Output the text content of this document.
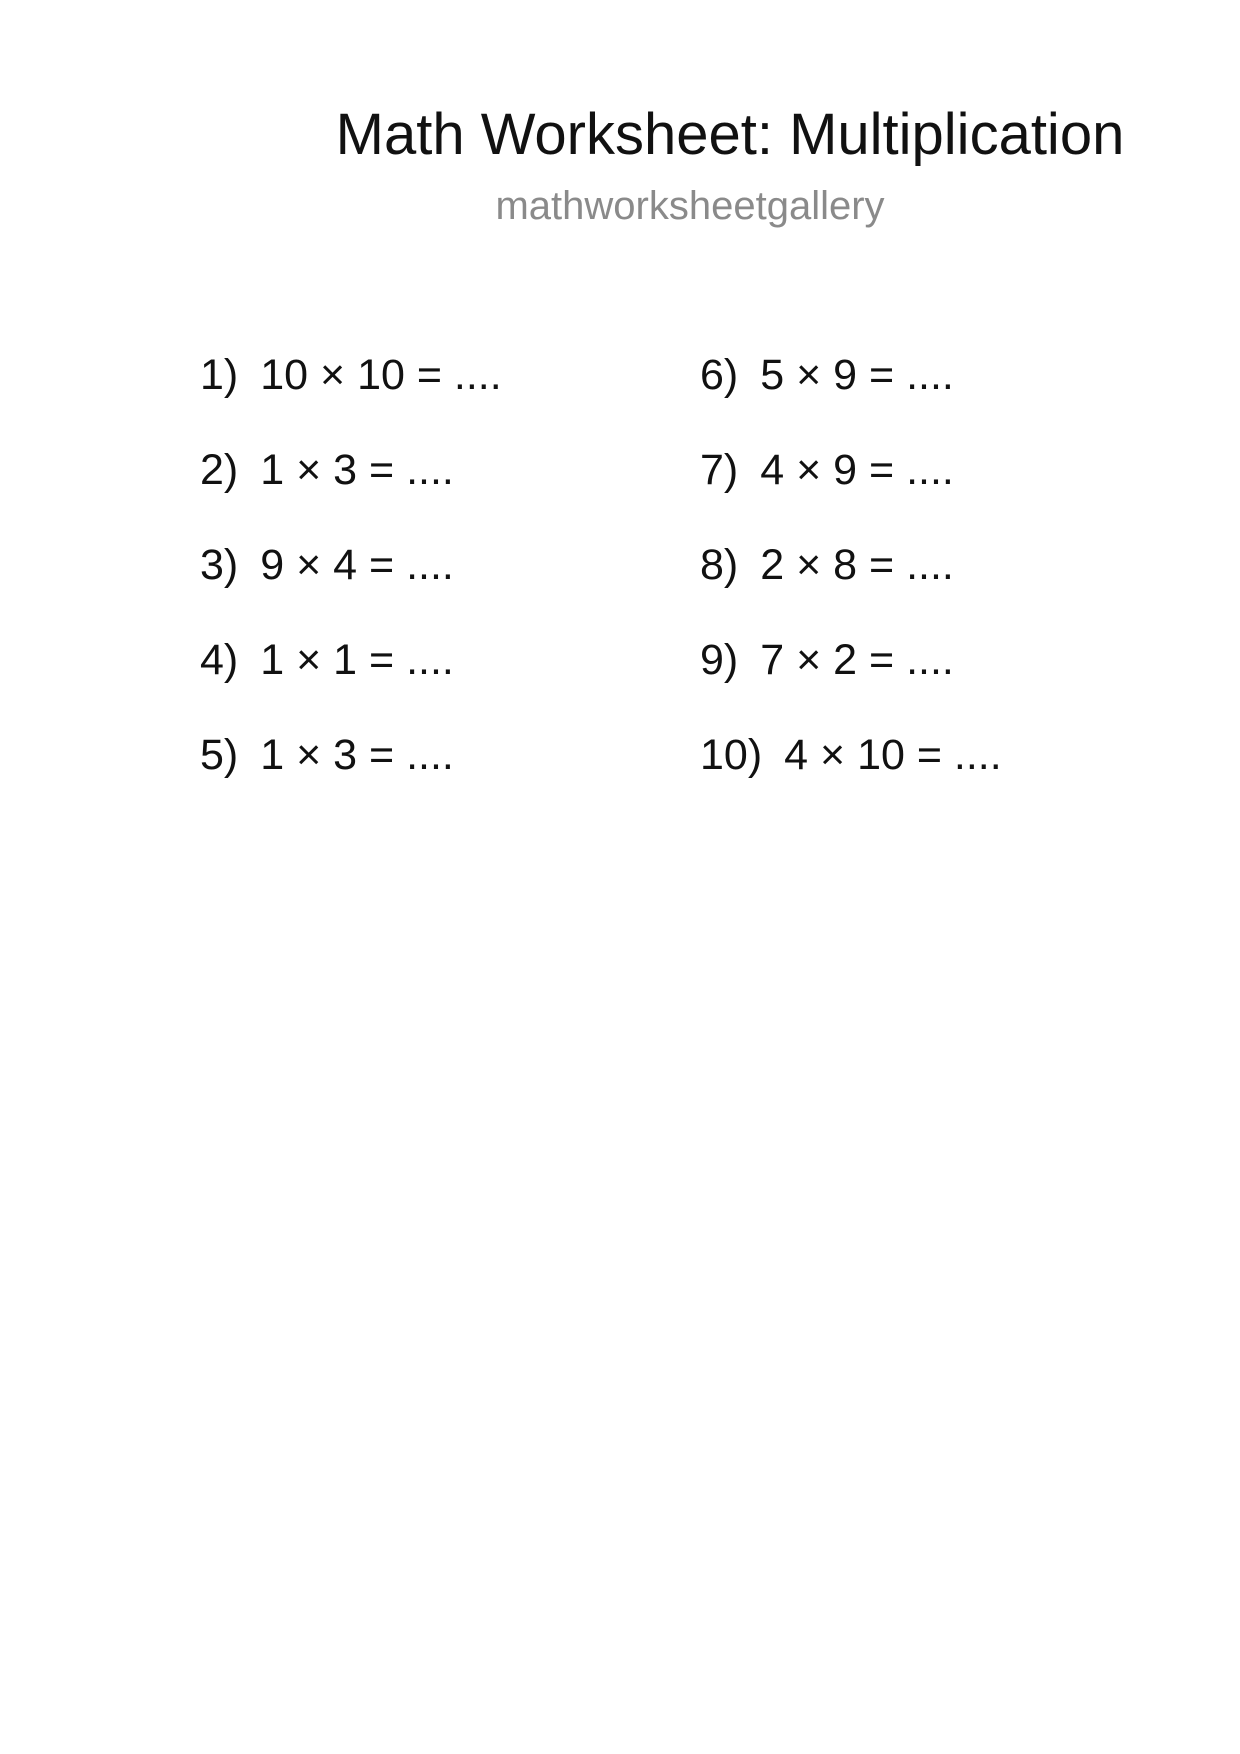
Math Worksheet: Multiplication
mathworksheetgallery
1) 10 × 10 = ....
2) 1 × 3 = ....
3) 9 × 4 = ....
4) 1 × 1 = ....
5) 1 × 3 = ....
6) 5 × 9 = ....
7) 4 × 9 = ....
8) 2 × 8 = ....
9) 7 × 2 = ....
10) 4 × 10 = ....
